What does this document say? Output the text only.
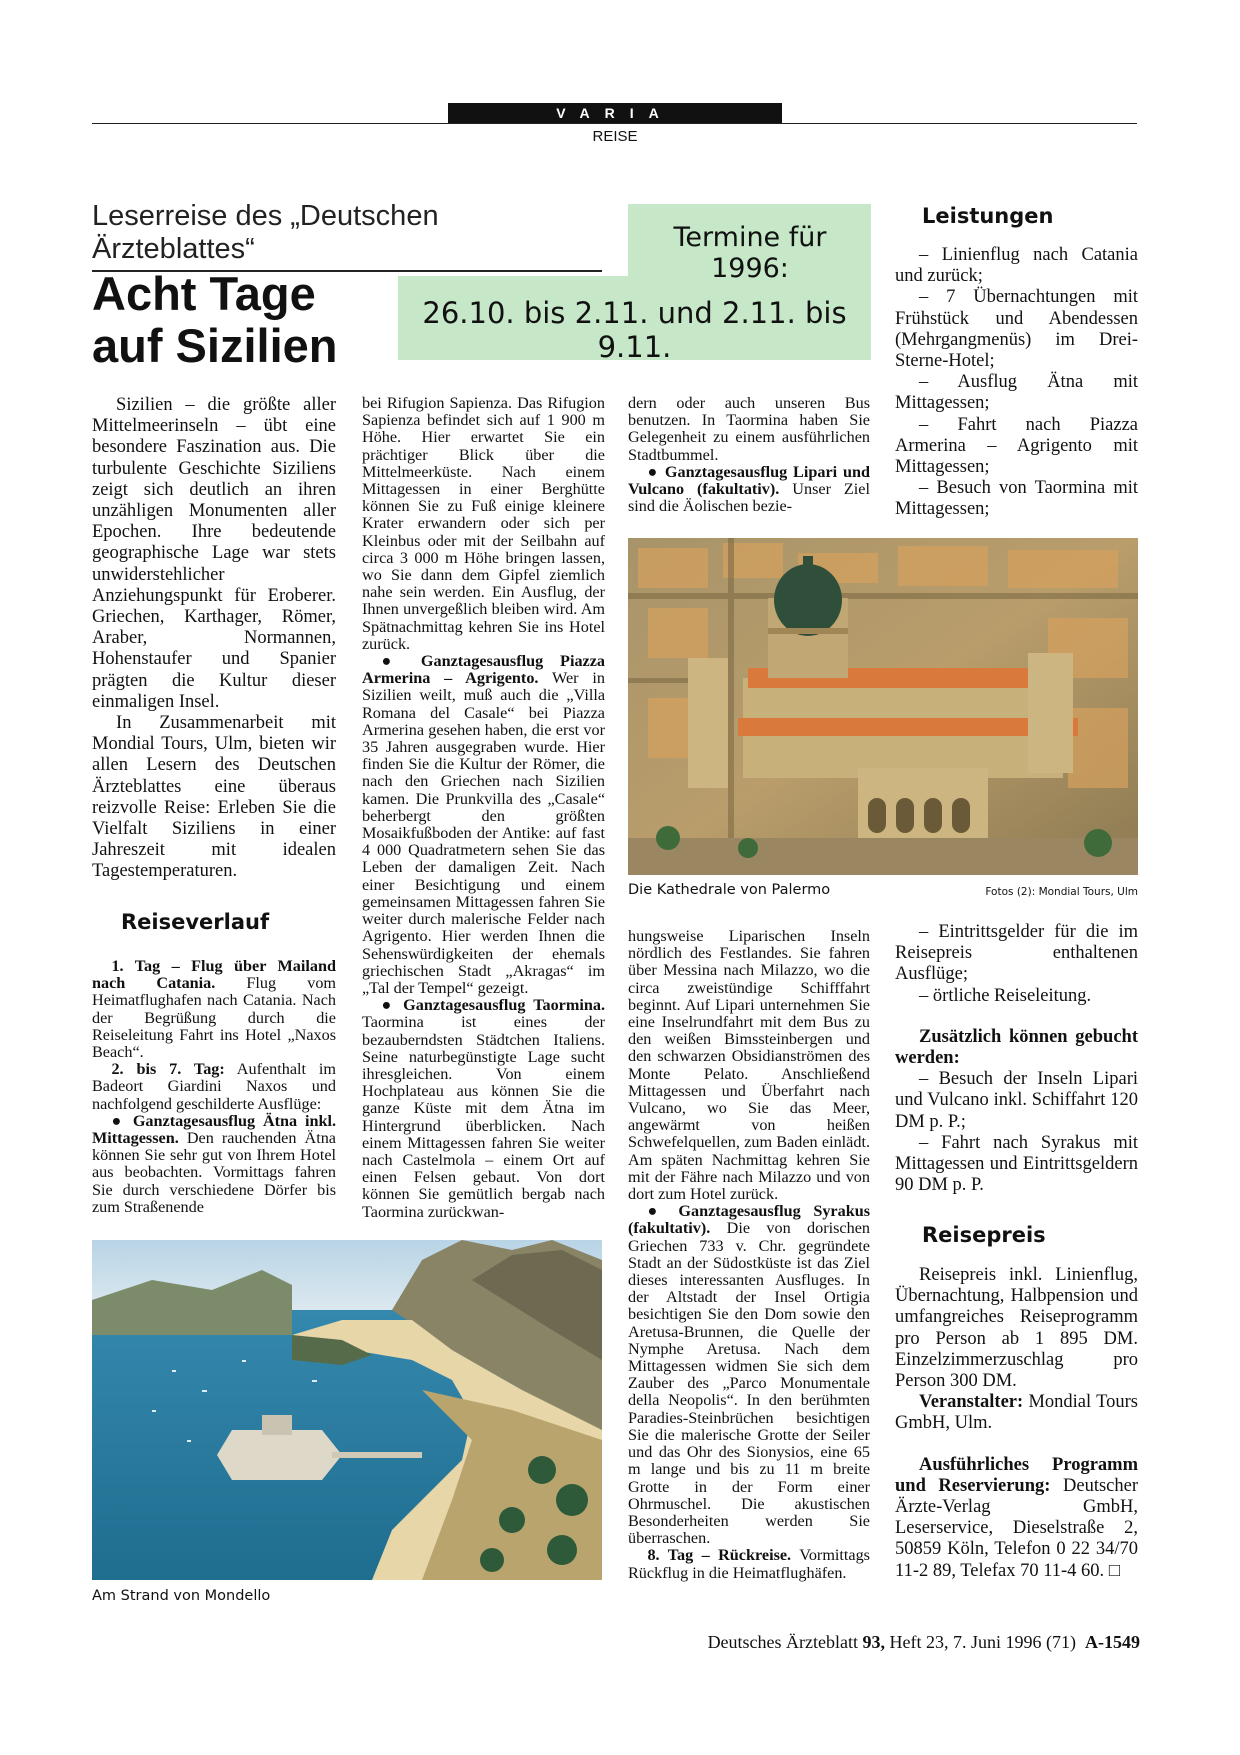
VARIA
REISE
Leserreise des „Deutschen Ärzteblattes“
Acht Tage
auf Sizilien
Termine für 1996:
26.10. bis 2.11. und 2.11. bis 9.11.

Sizilien – die größte aller Mittelmeerinseln – übt eine besondere Faszination aus. Die turbulente Geschichte Siziliens zeigt sich deutlich an ihren unzähligen Monumenten aller Epochen. Ihre bedeutende geographische Lage war stets unwiderstehlicher Anziehungspunkt für Eroberer. Griechen, Karthager, Römer, Araber, Normannen, Hohenstaufer und Spanier prägten die Kultur dieser einmaligen Insel.

In Zusammenarbeit mit Mondial Tours, Ulm, bieten wir allen Lesern des Deutschen Ärzteblattes eine überaus reizvolle Reise: Erleben Sie die Vielfalt Siziliens in einer Jahreszeit mit idealen Tagestemperaturen.

Reiseverlauf

1. Tag – Flug über Mailand nach Catania. Flug vom Heimatflughafen nach Catania. Nach der Begrüßung durch die Reiseleitung Fahrt ins Hotel „Naxos Beach“.

2. bis 7. Tag: Aufenthalt im Badeort Giardini Naxos und nachfolgend geschilderte Ausflüge:

● Ganztagesausflug Ätna inkl. Mittagessen. Den rauchenden Ätna können Sie sehr gut von Ihrem Hotel aus beobachten. Vormittags fahren Sie durch verschiedene Dörfer bis zum Straßenende

bei Rifugion Sapienza. Das Rifugion Sapienza befindet sich auf 1 900 m Höhe. Hier erwartet Sie ein prächtiger Blick über die Mittelmeerküste. Nach einem Mittagessen in einer Berghütte können Sie zu Fuß einige kleinere Krater erwandern oder sich per Kleinbus oder mit der Seilbahn auf circa 3 000 m Höhe bringen lassen, wo Sie dann dem Gipfel ziemlich nahe sein werden. Ein Ausflug, der Ihnen unvergeßlich bleiben wird. Am Spätnachmittag kehren Sie ins Hotel zurück.

● Ganztagesausflug Piazza Armerina – Agrigento. Wer in Sizilien weilt, muß auch die „Villa Romana del Casale“ bei Piazza Armerina gesehen haben, die erst vor 35 Jahren ausgegraben wurde. Hier finden Sie die Kultur der Römer, die nach den Griechen nach Sizilien kamen. Die Prunkvilla des „Casale“ beherbergt den größten Mosaikfußboden der Antike: auf fast 4 000 Quadratmetern sehen Sie das Leben der damaligen Zeit. Nach einer Besichtigung und einem gemeinsamen Mittagessen fahren Sie weiter durch malerische Felder nach Agrigento. Hier werden Ihnen die Sehenswürdigkeiten der ehemals griechischen Stadt „Akragas“ im „Tal der Tempel“ gezeigt.

● Ganztagesausflug Taormina. Taormina ist eines der bezauberndsten Städtchen Italiens. Seine naturbegünstigte Lage sucht ihresgleichen. Von einem Hochplateau aus können Sie die ganze Küste mit dem Ätna im Hintergrund überblicken. Nach einem Mittagessen fahren Sie weiter nach Castelmola – einem Ort auf einen Felsen gebaut. Von dort können Sie gemütlich bergab nach Taormina zurückwan-

dern oder auch unseren Bus benutzen. In Taormina haben Sie Gelegenheit zu einem ausführlichen Stadtbummel.

● Ganztagesausflug Lipari und Vulcano (fakultativ). Unser Ziel sind die Äolischen bezie-

Leistungen

– Linienflug nach Catania und zurück;

– 7 Übernachtungen mit Frühstück und Abendessen (Mehrgangmenüs) im Drei-Sterne-Hotel;

– Ausflug Ätna mit Mittagessen;

– Fahrt nach Piazza Armerina – Agrigento mit Mittagessen;

– Besuch von Taormina mit Mittagessen;

Die Kathedrale von Palermo	Fotos (2): Mondial Tours, Ulm

hungsweise Liparischen Inseln nördlich des Festlandes. Sie fahren über Messina nach Milazzo, wo die circa zweistündige Schifffahrt beginnt. Auf Lipari unternehmen Sie eine Inselrundfahrt mit dem Bus zu den weißen Bimssteinbergen und den schwarzen Obsidianströmen des Monte Pelato. Anschließend Mittagessen und Überfahrt nach Vulcano, wo Sie das Meer, angewärmt von heißen Schwefelquellen, zum Baden einlädt. Am späten Nachmittag kehren Sie mit der Fähre nach Milazzo und von dort zum Hotel zurück.

● Ganztagesausflug Syrakus (fakultativ). Die von dorischen Griechen 733 v. Chr. gegründete Stadt an der Südostküste ist das Ziel dieses interessanten Ausfluges. In der Altstadt der Insel Ortigia besichtigen Sie den Dom sowie den Aretusa-Brunnen, die Quelle der Nymphe Aretusa. Nach dem Mittagessen widmen Sie sich dem Zauber des „Parco Monumentale della Neopolis“. In den berühmten Paradies-Steinbrüchen besichtigen Sie die malerische Grotte der Seiler und das Ohr des Sionysios, eine 65 m lange und bis zu 11 m breite Grotte in der Form einer Ohrmuschel. Die akustischen Besonderheiten werden Sie überraschen.

8. Tag – Rückreise. Vormittags Rückflug in die Heimatflughäfen.

– Eintrittsgelder für die im Reisepreis enthaltenen Ausflüge;

– örtliche Reiseleitung.

Zusätzlich können gebucht werden:

– Besuch der Inseln Lipari und Vulcano inkl. Schiffahrt 120 DM p. P.;

– Fahrt nach Syrakus mit Mittagessen und Eintrittsgeldern 90 DM p. P.

Reisepreis

Reisepreis inkl. Linienflug, Übernachtung, Halbpension und umfangreiches Reiseprogramm pro Person ab 1 895 DM. Einzelzimmerzuschlag pro Person 300 DM.

Veranstalter: Mondial Tours GmbH, Ulm.

Ausführliches Programm und Reservierung: Deutscher Ärzte-Verlag GmbH, Leserservice, Dieselstraße 2, 50859 Köln, Telefon 0 22 34/70 11-2 89, Telefax 70 11-4 60. □

Am Strand von Mondello
Deutsches Ärzteblatt 93, Heft 23, 7. Juni 1996 (71) A-1549
